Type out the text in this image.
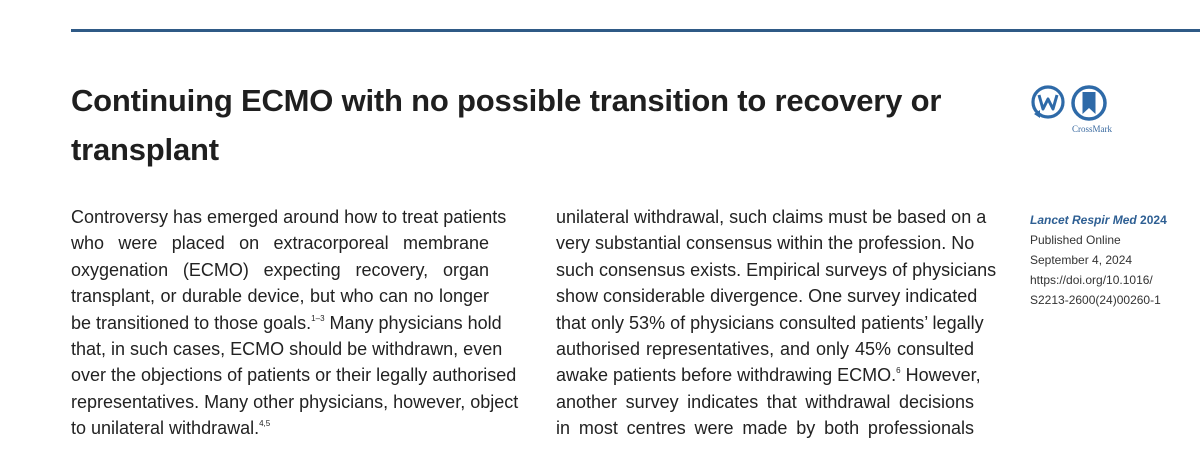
Continuing ECMO with no possible transition to recovery or
transplant
CrossMark
Controversy has emerged around how to treat patients
who were placed on extracorporeal membrane
oxygenation (ECMO) expecting recovery, organ
transplant, or durable device, but who can no longer
be transitioned to those goals.$^{1-3}$ Many physicians hold
that, in such cases, ECMO should be withdrawn, even
over the objections of patients or their legally authorised
representatives. Many other physicians, however, object
to unilateral withdrawal.$^{4,5}$
unilateral withdrawal, such claims must be based on a
very substantial consensus within the profession. No
such consensus exists. Empirical surveys of physicians
show considerable divergence. One survey indicated
that only 53% of physicians consulted patients’ legally
authorised representatives, and only 45% consulted
awake patients before withdrawing ECMO.$^6$ However,
another survey indicates that withdrawal decisions
in most centres were made by both professionals
Lancet Respir Med 2024
Published Online
September 4, 2024
https://doi.org/10.1016/
S2213-2600(24)00260-1
